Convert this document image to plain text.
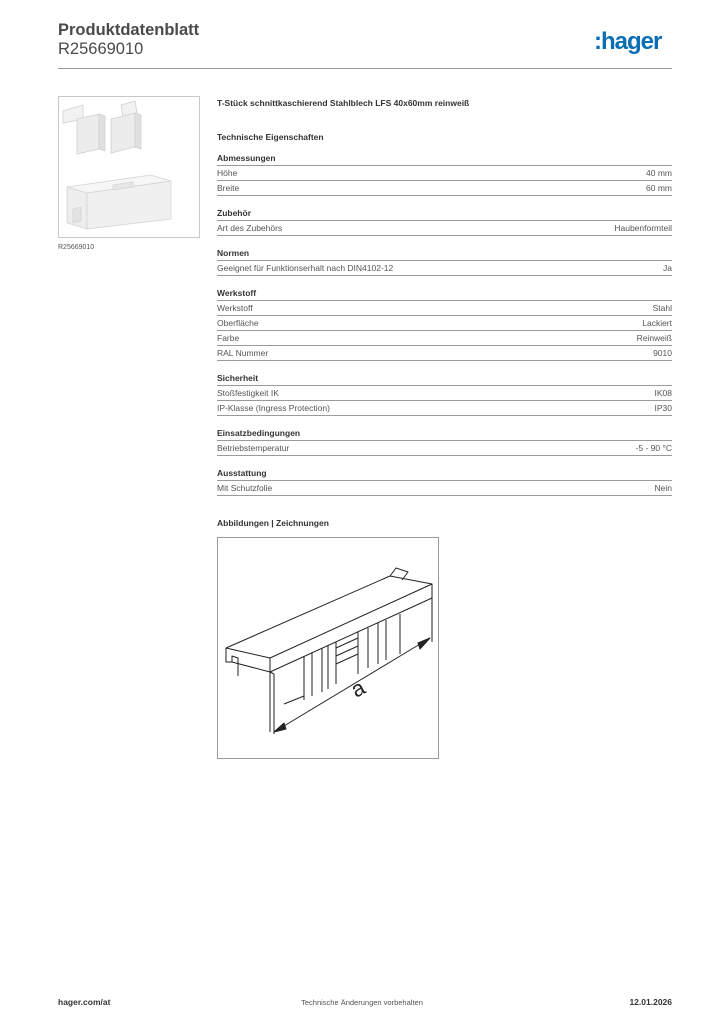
Produktdatenblatt
R25669010	:hager
R25669010
T-Stück schnittkaschierend Stahlblech LFS 40x60mm reinweiß
Technische Eigenschaften
Abmessungen
Höhe	40 mm
Breite	60 mm
Zubehör
Art des Zubehörs	Haubenformteil
Normen
Geeignet für Funktionserhalt nach DIN4102-12	Ja
Werkstoff
Werkstoff	Stahl
Oberfläche	Lackiert
Farbe	Reinweiß
RAL Nummer	9010
Sicherheit
Stoßfestigkeit IK	IK08
IP-Klasse (Ingress Protection)	IP30
Einsatzbedingungen
Betriebstemperatur	-5 - 90 °C
Ausstattung
Mit Schutzfolie	Nein
Abbildungen | Zeichnungen
a
hager.com/at	Technische Änderungen vorbehalten	12.01.2026
